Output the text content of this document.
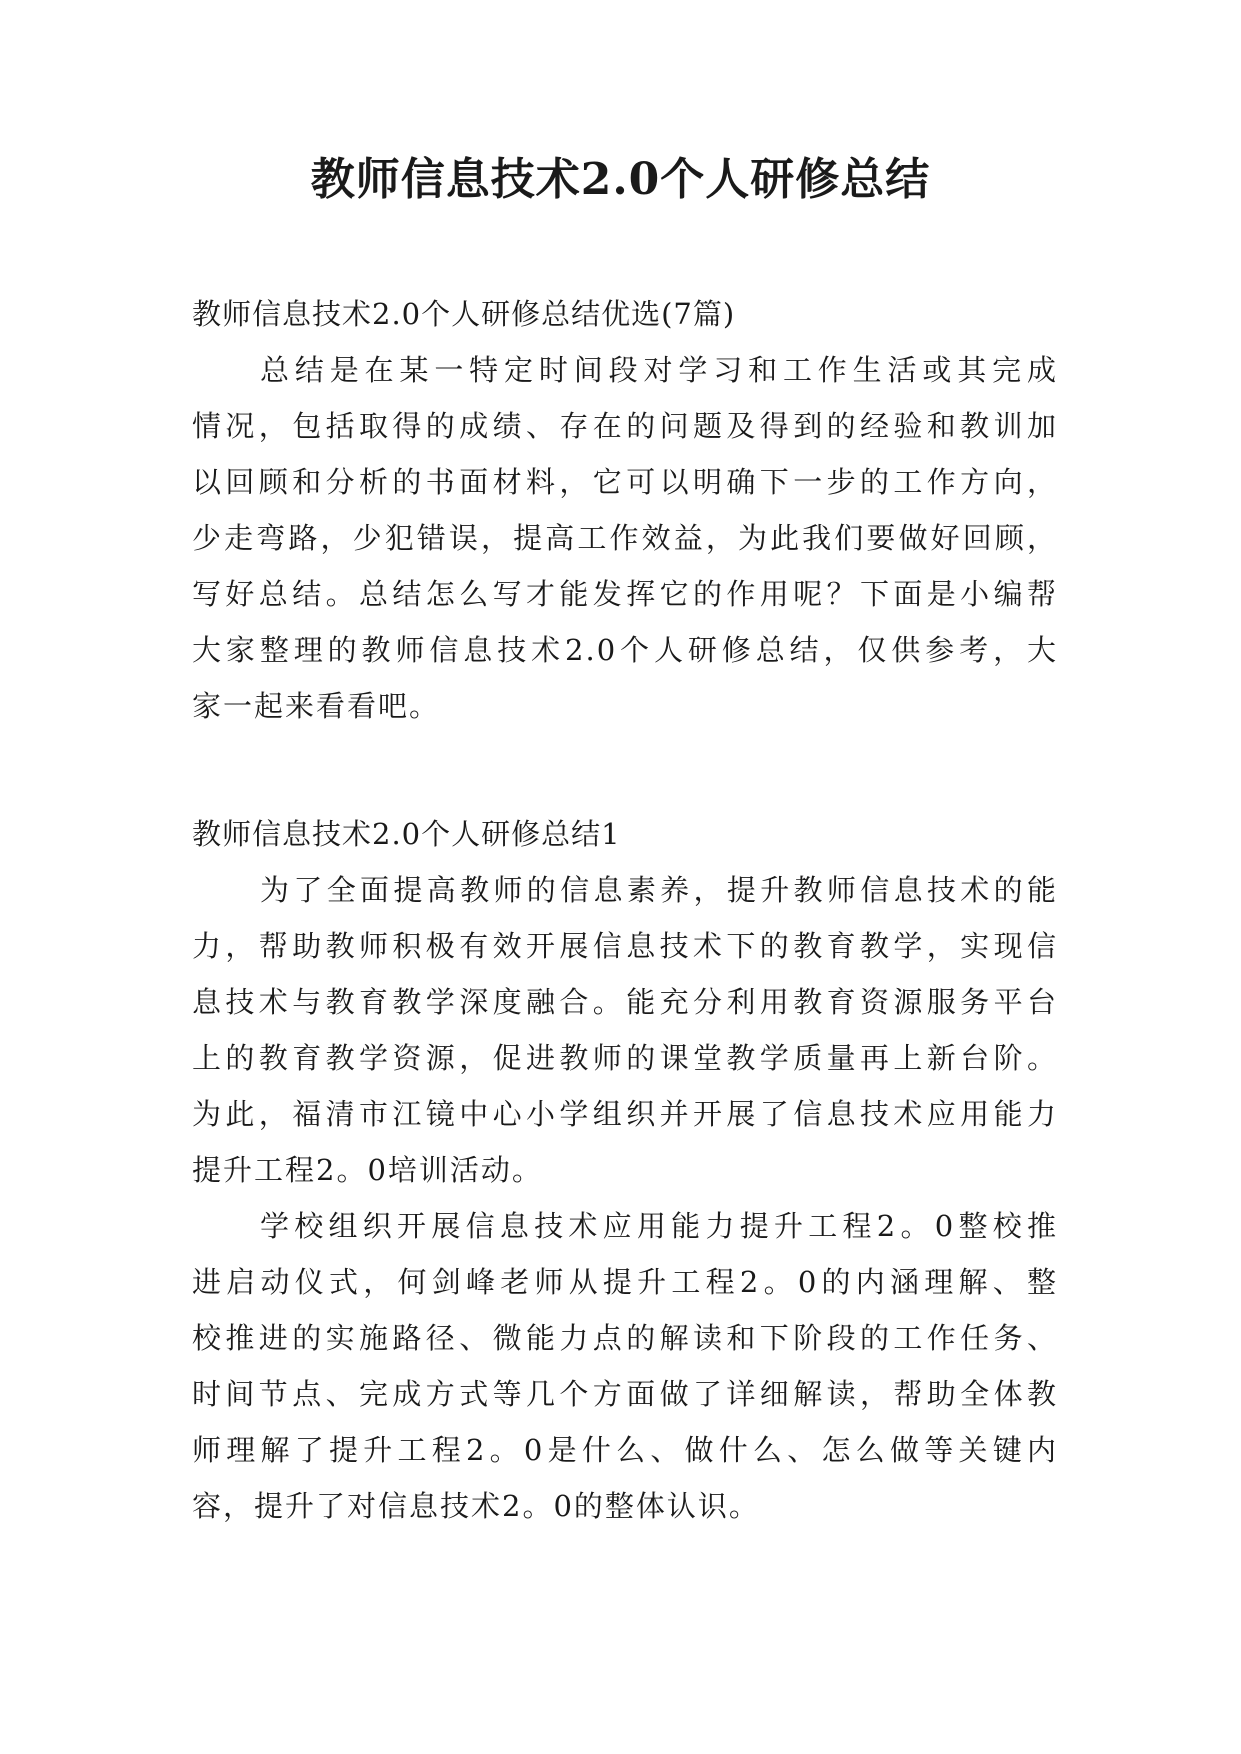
教师信息技术2.0个人研修总结
教师信息技术2.0个人研修总结优选(7篇)
总结是在某一特定时间段对学习和工作生活或其完成
情况，包括取得的成绩、存在的问题及得到的经验和教训加
以回顾和分析的书面材料，它可以明确下一步的工作方向，
少走弯路，少犯错误，提高工作效益，为此我们要做好回顾，
写好总结。总结怎么写才能发挥它的作用呢？下面是小编帮
大家整理的教师信息技术2.0个人研修总结，仅供参考，大
家一起来看看吧。
教师信息技术2.0个人研修总结1
为了全面提高教师的信息素养，提升教师信息技术的能
力，帮助教师积极有效开展信息技术下的教育教学，实现信
息技术与教育教学深度融合。能充分利用教育资源服务平台
上的教育教学资源，促进教师的课堂教学质量再上新台阶。
为此，福清市江镜中心小学组织并开展了信息技术应用能力
提升工程2。0培训活动。
学校组织开展信息技术应用能力提升工程2。0整校推
进启动仪式，何剑峰老师从提升工程2。0的内涵理解、整
校推进的实施路径、微能力点的解读和下阶段的工作任务、
时间节点、完成方式等几个方面做了详细解读，帮助全体教
师理解了提升工程2。0是什么、做什么、怎么做等关键内
容，提升了对信息技术2。0的整体认识。
